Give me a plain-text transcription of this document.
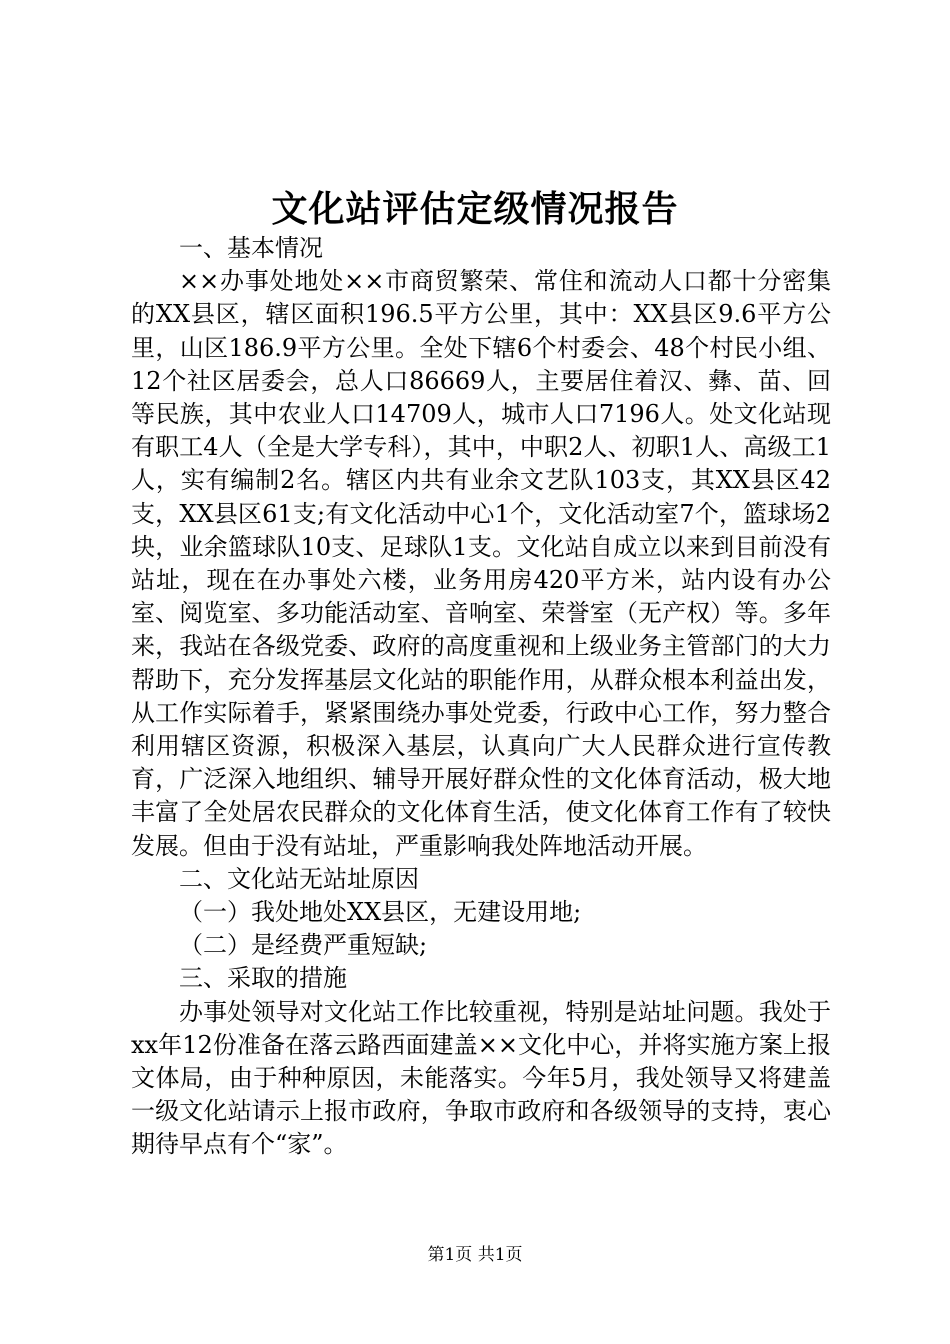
文化站评估定级情况报告

一、基本情况

××办事处地处××市商贸繁荣、常住和流动人口都十分密集的XX县区，辖区面积196.5平方公里，其中：XX县区9.6平方公里，山区186.9平方公里。全处下辖6个村委会、48个村民小组、12个社区居委会，总人口86669人，主要居住着汉、彝、苗、回等民族，其中农业人口14709人，城市人口7196人。处文化站现有职工4人（全是大学专科），其中，中职2人、初职1人、高级工1人，实有编制2名。辖区内共有业余文艺队103支，其XX县区42支，XX县区61支;有文化活动中心1个，文化活动室7个，篮球场2块，业余篮球队10支、足球队1支。文化站自成立以来到目前没有站址，现在在办事处六楼，业务用房420平方米，站内设有办公室、阅览室、多功能活动室、音响室、荣誉室（无产权）等。多年来，我站在各级党委、政府的高度重视和上级业务主管部门的大力帮助下，充分发挥基层文化站的职能作用，从群众根本利益出发，从工作实际着手，紧紧围绕办事处党委，行政中心工作，努力整合利用辖区资源，积极深入基层，认真向广大人民群众进行宣传教育，广泛深入地组织、辅导开展好群众性的文化体育活动，极大地丰富了全处居农民群众的文化体育生活，使文化体育工作有了较快发展。但由于没有站址，严重影响我处阵地活动开展。

二、文化站无站址原因

（一）我处地处XX县区，无建设用地;

（二）是经费严重短缺;

三、采取的措施

办事处领导对文化站工作比较重视，特别是站址问题。我处于xx年12份准备在落云路西面建盖××文化中心，并将实施方案上报文体局，由于种种原因，未能落实。今年5月，我处领导又将建盖一级文化站请示上报市政府，争取市政府和各级领导的支持，衷心期待早点有个“家”。

第1页 共1页
